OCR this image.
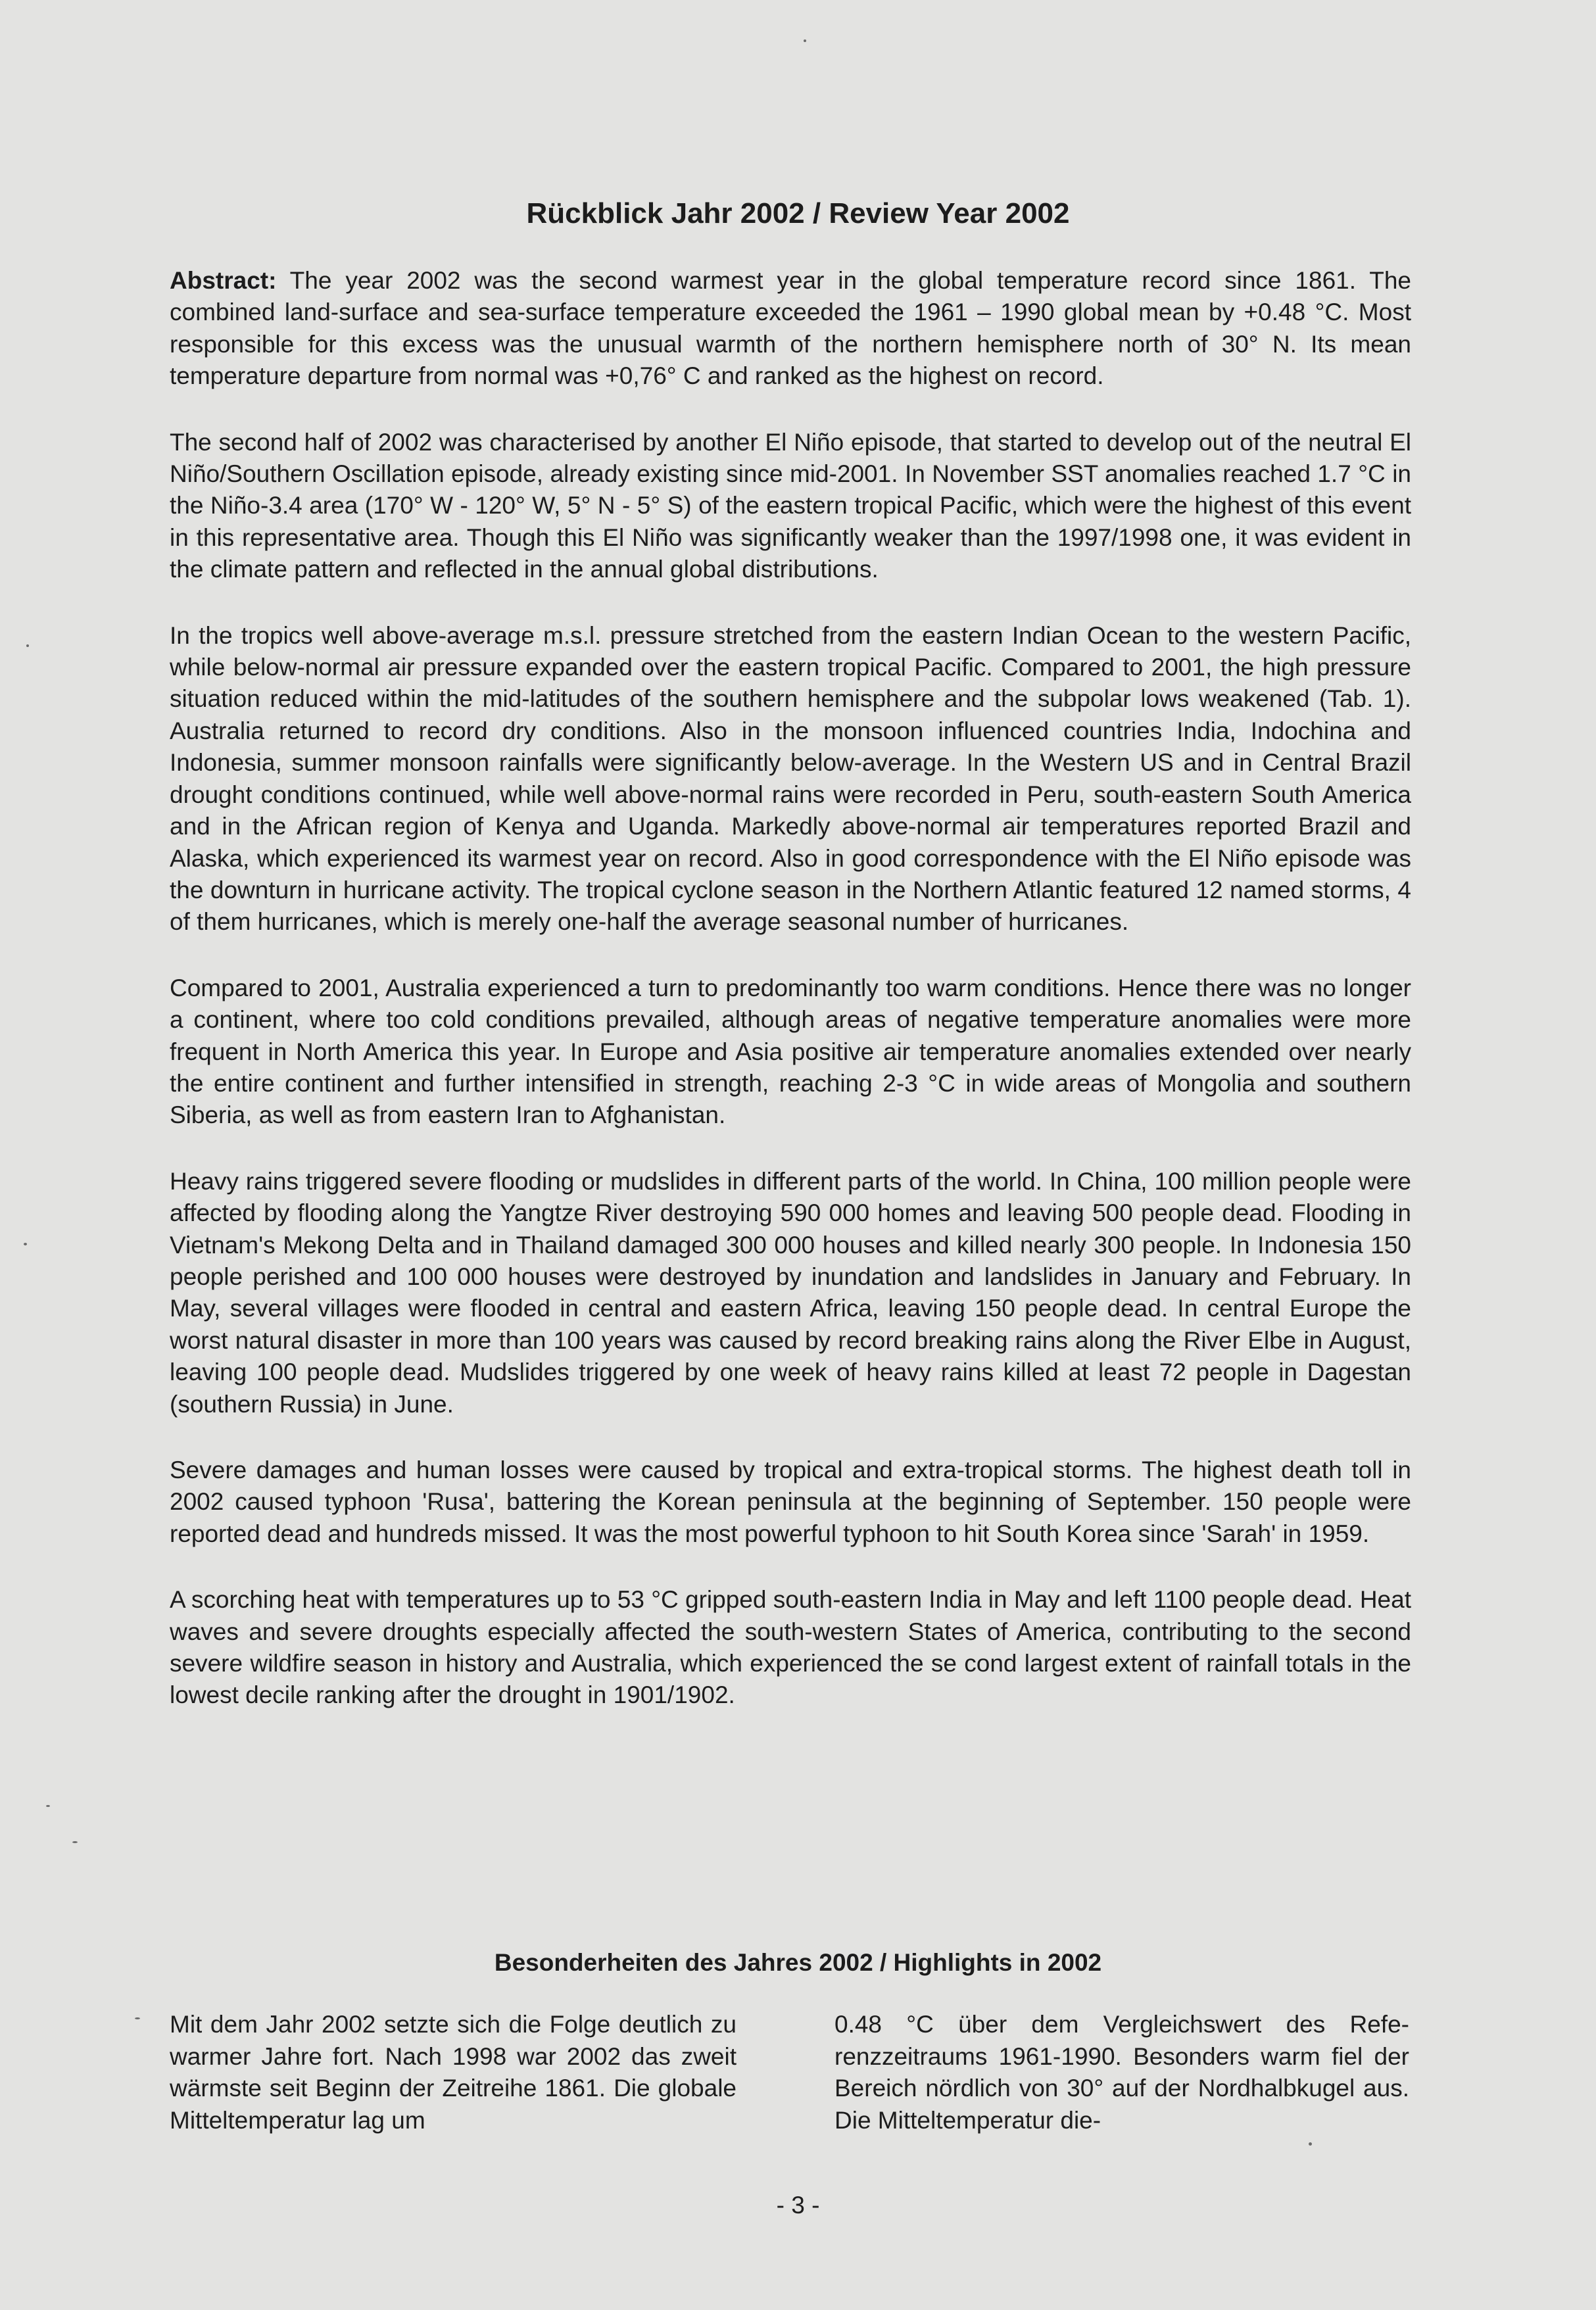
Rückblick Jahr 2002 / Review Year 2002

Abstract: The year 2002 was the second warmest year in the global temperature record since 1861. The combined land-surface and sea-surface temperature exceeded the 1961 – 1990 global mean by +0.48 °C. Most responsible for this excess was the unusual warmth of the northern hemisphere north of 30° N. Its mean temperature departure from normal was +0,76° C and ranked as the highest on record.

The second half of 2002 was characterised by another El Niño episode, that started to develop out of the neutral El Niño/Southern Oscillation episode, already existing since mid-2001. In November SST anomalies reached 1.7 °C in the Niño-3.4 area (170° W - 120° W, 5° N - 5° S) of the eastern tropical Pacific, which were the highest of this event in this representative area. Though this El Niño was significantly weaker than the 1997/1998 one, it was evident in the climate pattern and reflected in the annual global distributions.

In the tropics well above-average m.s.l. pressure stretched from the eastern Indian Ocean to the western Pacific, while below-normal air pressure expanded over the eastern tropical Pacific. Compared to 2001, the high pressure situation reduced within the mid-latitudes of the southern hemisphere and the subpolar lows weakened (Tab. 1). Australia returned to record dry conditions. Also in the monsoon influenced countries India, Indochina and Indonesia, summer monsoon rainfalls were significantly below-average. In the Western US and in Central Brazil drought conditions continued, while well above-normal rains were recorded in Peru, south-eastern South America and in the African region of Kenya and Uganda. Markedly above-normal air temperatures reported Brazil and Alaska, which experienced its warmest year on record. Also in good correspondence with the El Niño episode was the downturn in hurricane activity. The tropical cyclone season in the Northern Atlantic featured 12 named storms, 4 of them hurricanes, which is merely one-half the average seasonal number of hurricanes.

Compared to 2001, Australia experienced a turn to predominantly too warm conditions. Hence there was no longer a continent, where too cold conditions prevailed, although areas of negative temperature anomalies were more frequent in North America this year. In Europe and Asia positive air temperature anomalies extended over nearly the entire continent and further intensified in strength, reaching 2-3 °C in wide areas of Mongolia and southern Siberia, as well as from eastern Iran to Afghanistan.

Heavy rains triggered severe flooding or mudslides in different parts of the world. In China, 100 million people were affected by flooding along the Yangtze River destroying 590 000 homes and leaving 500 people dead. Flooding in Vietnam's Mekong Delta and in Thailand damaged 300 000 houses and killed nearly 300 people. In Indonesia 150 people perished and 100 000 houses were destroyed by inundation and landslides in January and February. In May, several villages were flooded in central and eastern Africa, leaving 150 people dead. In central Europe the worst natural disaster in more than 100 years was caused by record breaking rains along the River Elbe in August, leaving 100 people dead. Mudslides triggered by one week of heavy rains killed at least 72 people in Dagestan (southern Russia) in June.

Severe damages and human losses were caused by tropical and extra-tropical storms. The highest death toll in 2002 caused typhoon 'Rusa', battering the Korean peninsula at the beginning of September. 150 people were reported dead and hundreds missed. It was the most powerful typhoon to hit South Korea since 'Sarah' in 1959.

A scorching heat with temperatures up to 53 °C gripped south-eastern India in May and left 1100 people dead. Heat waves and severe droughts especially affected the south-western States of America, contributing to the second severe wildfire season in history and Australia, which experienced the se cond largest extent of rainfall totals in the lowest decile ranking after the drought in 1901/1902.

Besonderheiten des Jahres 2002 / Highlights in 2002

Mit dem Jahr 2002 setzte sich die Folge deutlich zu warmer Jahre fort. Nach 1998 war 2002 das zweit wärmste seit Beginn der Zeitreihe 1861. Die globale Mitteltemperatur lag um

0.48 °C über dem Vergleichswert des Referenzzeitraums 1961-1990. Besonders warm fiel der Bereich nördlich von 30° auf der Nordhalbkugel aus. Die Mitteltemperatur die-

- 3 -
